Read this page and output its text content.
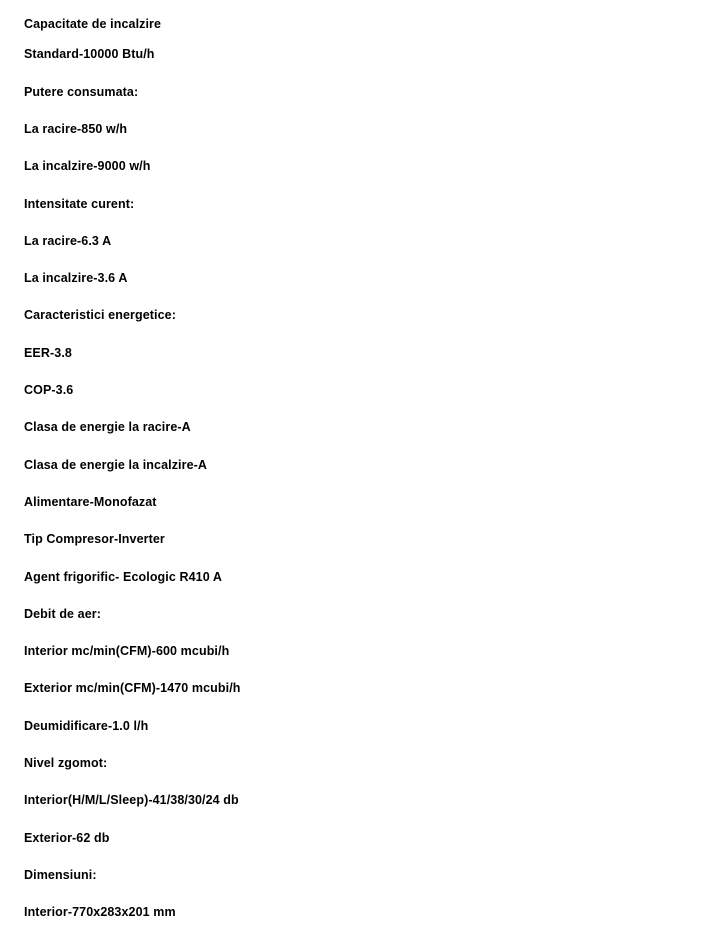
Capacitate de incalzire
Standard-10000 Btu/h
Putere consumata:
La racire-850 w/h
La incalzire-9000 w/h
Intensitate curent:
La racire-6.3 A
La incalzire-3.6 A
Caracteristici energetice:
EER-3.8
COP-3.6
Clasa de energie la racire-A
Clasa de energie la incalzire-A
Alimentare-Monofazat
Tip Compresor-Inverter
Agent frigorific- Ecologic R410 A
Debit de aer:
Interior mc/min(CFM)-600 mcubi/h
Exterior mc/min(CFM)-1470 mcubi/h
Deumidificare-1.0 l/h
Nivel zgomot:
Interior(H/M/L/Sleep)-41/38/30/24 db
Exterior-62 db
Dimensiuni:
Interior-770x283x201 mm
